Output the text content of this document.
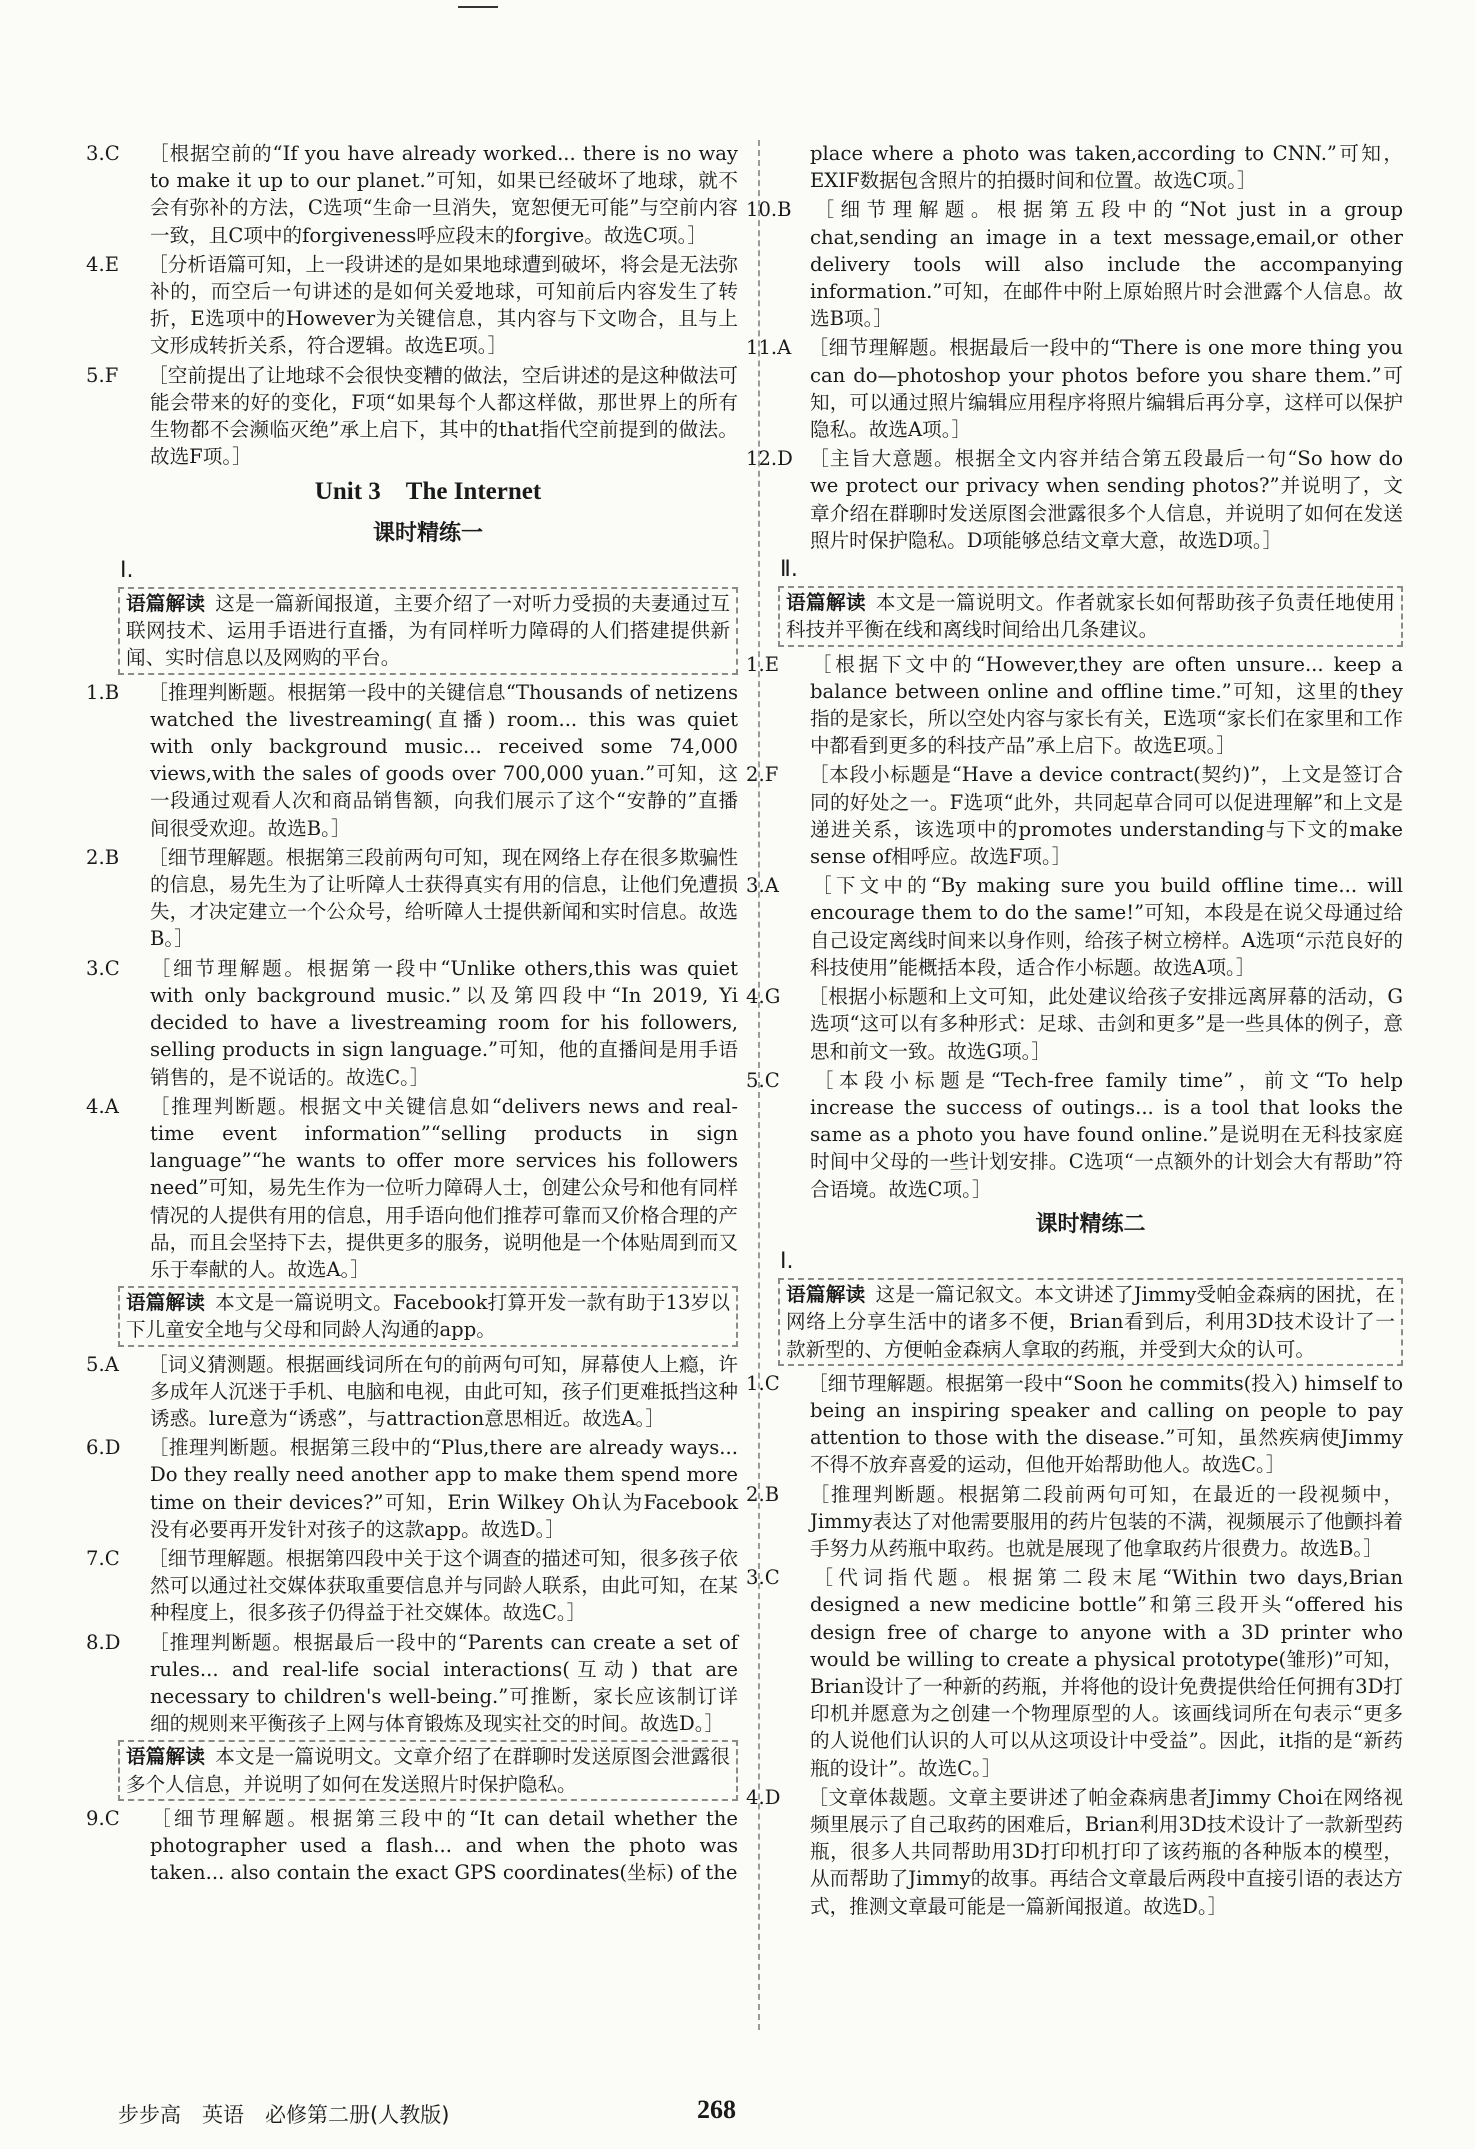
3.C ［根据空前的“If you have already worked... there is no way to make it up to our planet.”可知，如果已经破坏了地球，就不会有弥补的方法，C选项“生命一旦消失，宽恕便无可能”与空前内容一致，且C项中的forgiveness呼应段末的forgive。故选C项。］
4.E ［分析语篇可知，上一段讲述的是如果地球遭到破坏，将会是无法弥补的，而空后一句讲述的是如何关爱地球，可知前后内容发生了转折，E选项中的However为关键信息，其内容与下文吻合，且与上文形成转折关系，符合逻辑。故选E项。］
5.F ［空前提出了让地球不会很快变糟的做法，空后讲述的是这种做法可能会带来的好的变化，F项“如果每个人都这样做，那世界上的所有生物都不会濒临灭绝”承上启下，其中的that指代空前提到的做法。故选F项。］
Unit 3　The Internet
课时精练一
Ⅰ.
语篇解读 这是一篇新闻报道，主要介绍了一对听力受损的夫妻通过互联网技术、运用手语进行直播，为有同样听力障碍的人们搭建提供新闻、实时信息以及网购的平台。
1.B ［推理判断题。根据第一段中的关键信息“Thousands of netizens watched the livestreaming(直播) room... this was quiet with only background music... received some 74,000 views,with the sales of goods over 700,000 yuan.”可知，这一段通过观看人次和商品销售额，向我们展示了这个“安静的”直播间很受欢迎。故选B。］
2.B ［细节理解题。根据第三段前两句可知，现在网络上存在很多欺骗性的信息，易先生为了让听障人士获得真实有用的信息，让他们免遭损失，才决定建立一个公众号，给听障人士提供新闻和实时信息。故选B。］
3.C ［细节理解题。根据第一段中“Unlike others,this was quiet with only background music.”以及第四段中“In 2019, Yi decided to have a livestreaming room for his followers, selling products in sign language.”可知，他的直播间是用手语销售的，是不说话的。故选C。］
4.A ［推理判断题。根据文中关键信息如“delivers news and real-time event information”“selling products in sign language”“he wants to offer more services his followers need”可知，易先生作为一位听力障碍人士，创建公众号和他有同样情况的人提供有用的信息，用手语向他们推荐可靠而又价格合理的产品，而且会坚持下去，提供更多的服务，说明他是一个体贴周到而又乐于奉献的人。故选A。］
语篇解读 本文是一篇说明文。Facebook打算开发一款有助于13岁以下儿童安全地与父母和同龄人沟通的app。
5.A ［词义猜测题。根据画线词所在句的前两句可知，屏幕使人上瘾，许多成年人沉迷于手机、电脑和电视，由此可知，孩子们更难抵挡这种诱惑。lure意为“诱惑”，与attraction意思相近。故选A。］
6.D ［推理判断题。根据第三段中的“Plus,there are already ways... Do they really need another app to make them spend more time on their devices?”可知，Erin Wilkey Oh认为Facebook没有必要再开发针对孩子的这款app。故选D。］
7.C ［细节理解题。根据第四段中关于这个调查的描述可知，很多孩子依然可以通过社交媒体获取重要信息并与同龄人联系，由此可知，在某种程度上，很多孩子仍得益于社交媒体。故选C。］
8.D ［推理判断题。根据最后一段中的“Parents can create a set of rules... and real-life social interactions(互动) that are necessary to children's well-being.”可推断，家长应该制订详细的规则来平衡孩子上网与体育锻炼及现实社交的时间。故选D。］
语篇解读 本文是一篇说明文。文章介绍了在群聊时发送原图会泄露很多个人信息，并说明了如何在发送照片时保护隐私。
9.C ［细节理解题。根据第三段中的“It can detail whether the photographer used a flash... and when the photo was taken... also contain the exact GPS coordinates(坐标) of the
place where a photo was taken,according to CNN.”可知，EXIF数据包含照片的拍摄时间和位置。故选C项。］
10.B ［细节理解题。根据第五段中的“Not just in a group chat,sending an image in a text message,email,or other delivery tools will also include the accompanying information.”可知，在邮件中附上原始照片时会泄露个人信息。故选B项。］
11.A ［细节理解题。根据最后一段中的“There is one more thing you can do—photoshop your photos before you share them.”可知，可以通过照片编辑应用程序将照片编辑后再分享，这样可以保护隐私。故选A项。］
12.D ［主旨大意题。根据全文内容并结合第五段最后一句“So how do we protect our privacy when sending photos?”并说明了，文章介绍在群聊时发送原图会泄露很多个人信息，并说明了如何在发送照片时保护隐私。D项能够总结文章大意，故选D项。］
Ⅱ.
语篇解读 本文是一篇说明文。作者就家长如何帮助孩子负责任地使用科技并平衡在线和离线时间给出几条建议。
1.E ［根据下文中的“However,they are often unsure... keep a balance between online and offline time.”可知，这里的they指的是家长，所以空处内容与家长有关，E选项“家长们在家里和工作中都看到更多的科技产品”承上启下。故选E项。］
2.F ［本段小标题是“Have a device contract(契约)”，上文是签订合同的好处之一。F选项“此外，共同起草合同可以促进理解”和上文是递进关系，该选项中的promotes understanding与下文的make sense of相呼应。故选F项。］
3.A ［下文中的“By making sure you build offline time... will encourage them to do the same!”可知，本段是在说父母通过给自己设定离线时间来以身作则，给孩子树立榜样。A选项“示范良好的科技使用”能概括本段，适合作小标题。故选A项。］
4.G ［根据小标题和上文可知，此处建议给孩子安排远离屏幕的活动，G选项“这可以有多种形式：足球、击剑和更多”是一些具体的例子，意思和前文一致。故选G项。］
5.C ［本段小标题是“Tech-free family time”，前文“To help increase the success of outings... is a tool that looks the same as a photo you have found online.”是说明在无科技家庭时间中父母的一些计划安排。C选项“一点额外的计划会大有帮助”符合语境。故选C项。］
课时精练二
Ⅰ.
语篇解读 这是一篇记叙文。本文讲述了Jimmy受帕金森病的困扰，在网络上分享生活中的诸多不便，Brian看到后，利用3D技术设计了一款新型的、方便帕金森病人拿取的药瓶，并受到大众的认可。
1.C ［细节理解题。根据第一段中“Soon he commits(投入) himself to being an inspiring speaker and calling on people to pay attention to those with the disease.”可知，虽然疾病使Jimmy不得不放弃喜爱的运动，但他开始帮助他人。故选C。］
2.B ［推理判断题。根据第二段前两句可知，在最近的一段视频中，Jimmy表达了对他需要服用的药片包装的不满，视频展示了他颤抖着手努力从药瓶中取药。也就是展现了他拿取药片很费力。故选B。］
3.C ［代词指代题。根据第二段末尾“Within two days,Brian designed a new medicine bottle”和第三段开头“offered his design free of charge to anyone with a 3D printer who would be willing to create a physical prototype(雏形)”可知，Brian设计了一种新的药瓶，并将他的设计免费提供给任何拥有3D打印机并愿意为之创建一个物理原型的人。该画线词所在句表示“更多的人说他们认识的人可以从这项设计中受益”。因此，it指的是“新药瓶的设计”。故选C。］
4.D ［文章体裁题。文章主要讲述了帕金森病患者Jimmy Choi在网络视频里展示了自己取药的困难后，Brian利用3D技术设计了一款新型药瓶，很多人共同帮助用3D打印机打印了该药瓶的各种版本的模型，从而帮助了Jimmy的故事。再结合文章最后两段中直接引语的表达方式，推测文章最可能是一篇新闻报道。故选D。］
步步高　英语　必修第二册(人教版)	268
